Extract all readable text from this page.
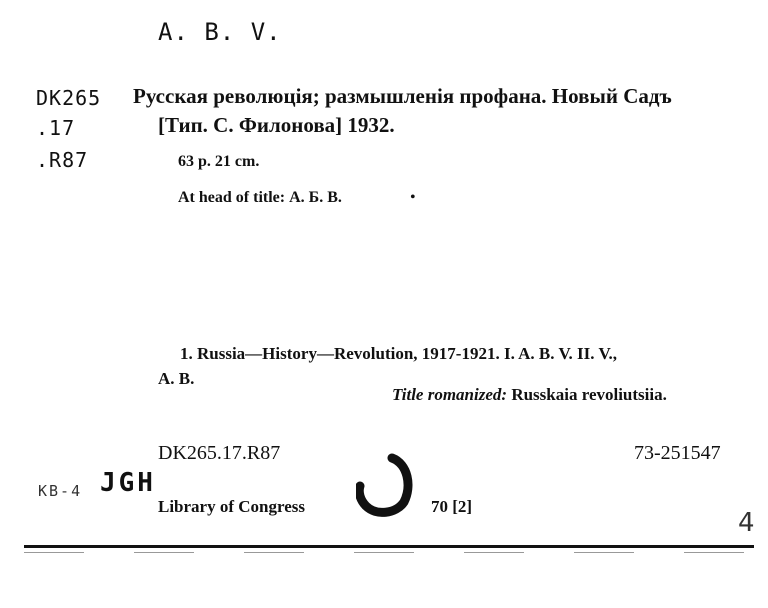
A. B. V.
DK265
.17
.R87
Русская революція; размышленія профана. Новый Садъ
[Тип. С. Филонова] 1932.
63 p. 21 cm.
At head of title: А. Б. В.	•
1. Russia—History—Revolution, 1917-1921. I. A. B. V. II. V.,
A. B.
Title romanized: Russkaia revoliutsiia.
DK265.17.R87	73-251547
KB-4 JGH
Library of Congress	70 [2]
4
